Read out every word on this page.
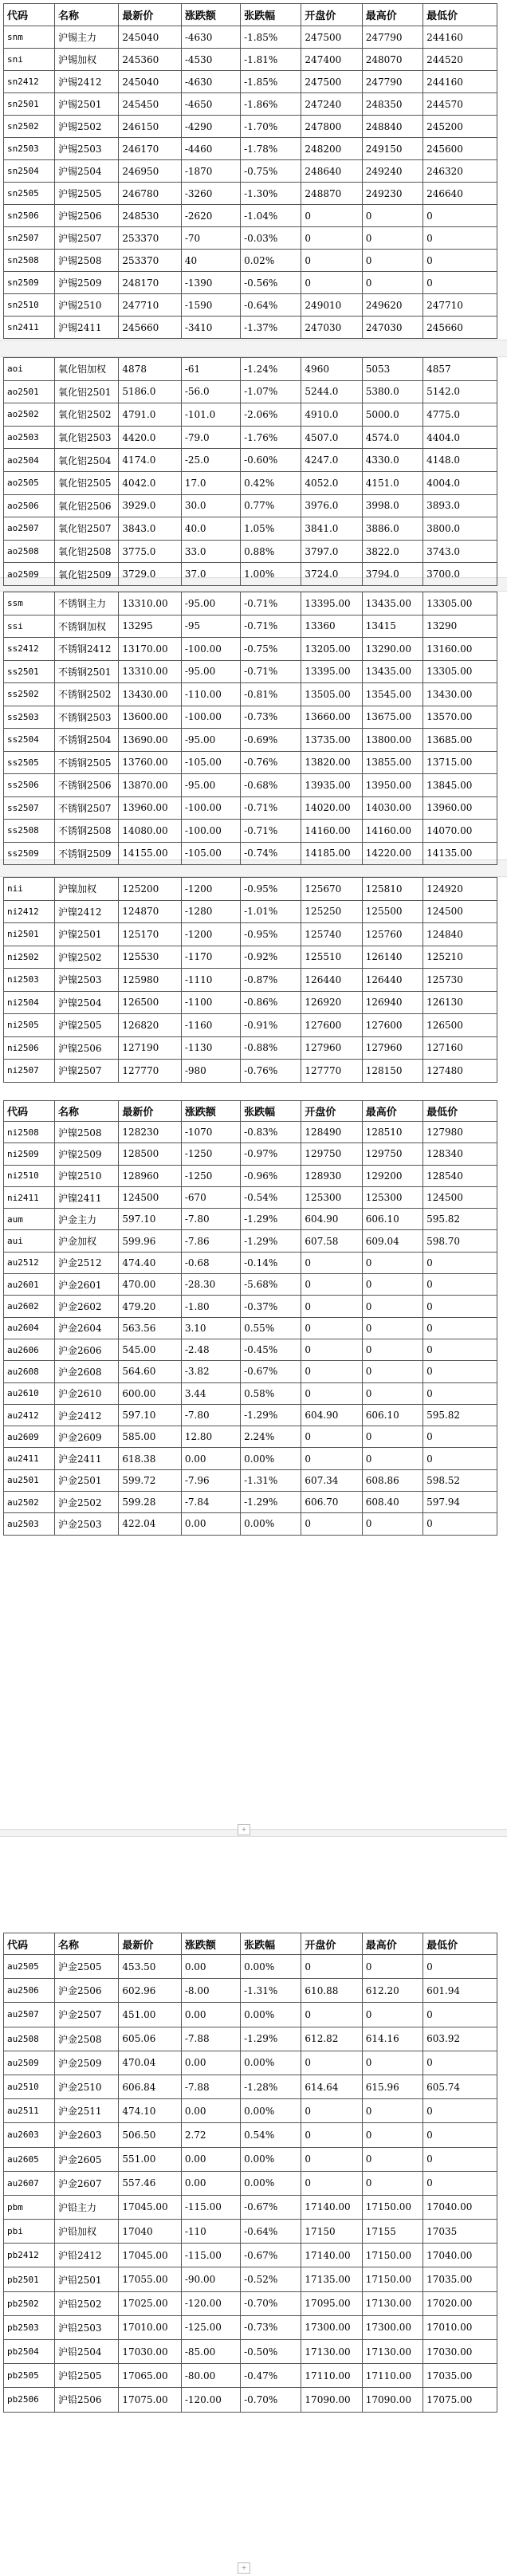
代码	名称	最新价	涨跌额	张跌幅	开盘价	最高价	最低价
snm	沪锡主力	245040	-4630	-1.85%	247500	247790	244160
sni	沪锡加权	245360	-4530	-1.81%	247400	248070	244520
sn2412	沪锡2412	245040	-4630	-1.85%	247500	247790	244160
sn2501	沪锡2501	245450	-4650	-1.86%	247240	248350	244570
sn2502	沪锡2502	246150	-4290	-1.70%	247800	248840	245200
sn2503	沪锡2503	246170	-4460	-1.78%	248200	249150	245600
sn2504	沪锡2504	246950	-1870	-0.75%	248640	249240	246320
sn2505	沪锡2505	246780	-3260	-1.30%	248870	249230	246640
sn2506	沪锡2506	248530	-2620	-1.04%	0	0	0
sn2507	沪锡2507	253370	-70	-0.03%	0	0	0
sn2508	沪锡2508	253370	40	0.02%	0	0	0
sn2509	沪锡2509	248170	-1390	-0.56%	0	0	0
sn2510	沪锡2510	247710	-1590	-0.64%	249010	249620	247710
sn2411	沪锡2411	245660	-3410	-1.37%	247030	247030	245660
aoi	氧化铝加权	4878	-61	-1.24%	4960	5053	4857
ao2501	氧化铝2501	5186.0	-56.0	-1.07%	5244.0	5380.0	5142.0
ao2502	氧化铝2502	4791.0	-101.0	-2.06%	4910.0	5000.0	4775.0
ao2503	氧化铝2503	4420.0	-79.0	-1.76%	4507.0	4574.0	4404.0
ao2504	氧化铝2504	4174.0	-25.0	-0.60%	4247.0	4330.0	4148.0
ao2505	氧化铝2505	4042.0	17.0	0.42%	4052.0	4151.0	4004.0
ao2506	氧化铝2506	3929.0	30.0	0.77%	3976.0	3998.0	3893.0
ao2507	氧化铝2507	3843.0	40.0	1.05%	3841.0	3886.0	3800.0
ao2508	氧化铝2508	3775.0	33.0	0.88%	3797.0	3822.0	3743.0
ao2509	氧化铝2509	3729.0	37.0	1.00%	3724.0	3794.0	3700.0
ssm	不锈钢主力	13310.00	-95.00	-0.71%	13395.00	13435.00	13305.00
ssi	不锈钢加权	13295	-95	-0.71%	13360	13415	13290
ss2412	不锈钢2412	13170.00	-100.00	-0.75%	13205.00	13290.00	13160.00
ss2501	不锈钢2501	13310.00	-95.00	-0.71%	13395.00	13435.00	13305.00
ss2502	不锈钢2502	13430.00	-110.00	-0.81%	13505.00	13545.00	13430.00
ss2503	不锈钢2503	13600.00	-100.00	-0.73%	13660.00	13675.00	13570.00
ss2504	不锈钢2504	13690.00	-95.00	-0.69%	13735.00	13800.00	13685.00
ss2505	不锈钢2505	13760.00	-105.00	-0.76%	13820.00	13855.00	13715.00
ss2506	不锈钢2506	13870.00	-95.00	-0.68%	13935.00	13950.00	13845.00
ss2507	不锈钢2507	13960.00	-100.00	-0.71%	14020.00	14030.00	13960.00
ss2508	不锈钢2508	14080.00	-100.00	-0.71%	14160.00	14160.00	14070.00
ss2509	不锈钢2509	14155.00	-105.00	-0.74%	14185.00	14220.00	14135.00
nii	沪镍加权	125200	-1200	-0.95%	125670	125810	124920
ni2412	沪镍2412	124870	-1280	-1.01%	125250	125500	124500
ni2501	沪镍2501	125170	-1200	-0.95%	125740	125760	124840
ni2502	沪镍2502	125530	-1170	-0.92%	125510	126140	125210
ni2503	沪镍2503	125980	-1110	-0.87%	126440	126440	125730
ni2504	沪镍2504	126500	-1100	-0.86%	126920	126940	126130
ni2505	沪镍2505	126820	-1160	-0.91%	127600	127600	126500
ni2506	沪镍2506	127190	-1130	-0.88%	127960	127960	127160
ni2507	沪镍2507	127770	-980	-0.76%	127770	128150	127480
代码	名称	最新价	涨跌额	张跌幅	开盘价	最高价	最低价
ni2508	沪镍2508	128230	-1070	-0.83%	128490	128510	127980
ni2509	沪镍2509	128500	-1250	-0.97%	129750	129750	128340
ni2510	沪镍2510	128960	-1250	-0.96%	128930	129200	128540
ni2411	沪镍2411	124500	-670	-0.54%	125300	125300	124500
aum	沪金主力	597.10	-7.80	-1.29%	604.90	606.10	595.82
aui	沪金加权	599.96	-7.86	-1.29%	607.58	609.04	598.70
au2512	沪金2512	474.40	-0.68	-0.14%	0	0	0
au2601	沪金2601	470.00	-28.30	-5.68%	0	0	0
au2602	沪金2602	479.20	-1.80	-0.37%	0	0	0
au2604	沪金2604	563.56	3.10	0.55%	0	0	0
au2606	沪金2606	545.00	-2.48	-0.45%	0	0	0
au2608	沪金2608	564.60	-3.82	-0.67%	0	0	0
au2610	沪金2610	600.00	3.44	0.58%	0	0	0
au2412	沪金2412	597.10	-7.80	-1.29%	604.90	606.10	595.82
au2609	沪金2609	585.00	12.80	2.24%	0	0	0
au2411	沪金2411	618.38	0.00	0.00%	0	0	0
au2501	沪金2501	599.72	-7.96	-1.31%	607.34	608.86	598.52
au2502	沪金2502	599.28	-7.84	-1.29%	606.70	608.40	597.94
au2503	沪金2503	422.04	0.00	0.00%	0	0	0
代码	名称	最新价	涨跌额	张跌幅	开盘价	最高价	最低价
au2505	沪金2505	453.50	0.00	0.00%	0	0	0
au2506	沪金2506	602.96	-8.00	-1.31%	610.88	612.20	601.94
au2507	沪金2507	451.00	0.00	0.00%	0	0	0
au2508	沪金2508	605.06	-7.88	-1.29%	612.82	614.16	603.92
au2509	沪金2509	470.04	0.00	0.00%	0	0	0
au2510	沪金2510	606.84	-7.88	-1.28%	614.64	615.96	605.74
au2511	沪金2511	474.10	0.00	0.00%	0	0	0
au2603	沪金2603	506.50	2.72	0.54%	0	0	0
au2605	沪金2605	551.00	0.00	0.00%	0	0	0
au2607	沪金2607	557.46	0.00	0.00%	0	0	0
pbm	沪铅主力	17045.00	-115.00	-0.67%	17140.00	17150.00	17040.00
pbi	沪铅加权	17040	-110	-0.64%	17150	17155	17035
pb2412	沪铅2412	17045.00	-115.00	-0.67%	17140.00	17150.00	17040.00
pb2501	沪铅2501	17055.00	-90.00	-0.52%	17135.00	17150.00	17035.00
pb2502	沪铅2502	17025.00	-120.00	-0.70%	17095.00	17130.00	17020.00
pb2503	沪铅2503	17010.00	-125.00	-0.73%	17300.00	17300.00	17010.00
pb2504	沪铅2504	17030.00	-85.00	-0.50%	17130.00	17130.00	17030.00
pb2505	沪铅2505	17065.00	-80.00	-0.47%	17110.00	17110.00	17035.00
pb2506	沪铅2506	17075.00	-120.00	-0.70%	17090.00	17090.00	17075.00
+
+
